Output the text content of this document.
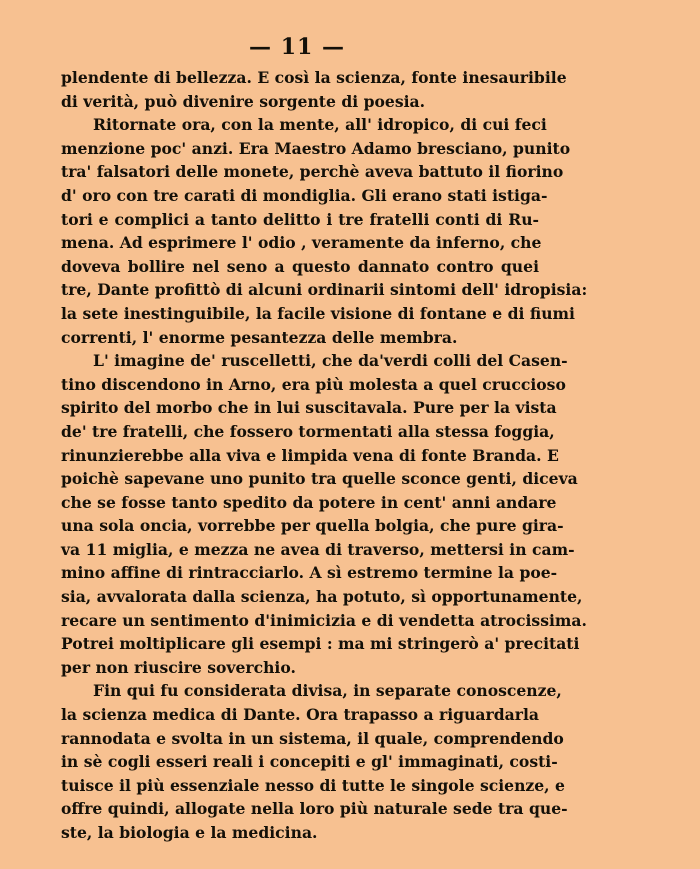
— 11 —
plendente di bellezza. E così la scienza, fonte inesauribile
di verità, può divenire sorgente di poesia.
Ritornate ora, con la mente, all' idropico, di cui feci
menzione poc' anzi. Era Maestro Adamo bresciano, punito
tra' falsatori delle monete, perchè aveva battuto il fiorino
d' oro con tre carati di mondiglia. Gli erano stati istiga-
tori e complici a tanto delitto i tre fratelli conti di Ru-
mena. Ad esprimere l' odio , veramente da inferno, che
doveva bollire nel seno a questo dannato contro quei
tre, Dante profittò di alcuni ordinarii sintomi dell' idropisia:
la sete inestinguibile, la facile visione di fontane e di fiumi
correnti, l' enorme pesantezza delle membra.
L' imagine de' ruscelletti, che da'verdi colli del Casen-
tino discendono in Arno, era più molesta a quel cruccioso
spirito del morbo che in lui suscitavala. Pure per la vista
de' tre fratelli, che fossero tormentati alla stessa foggia,
rinunzierebbe alla viva e limpida vena di fonte Branda. E
poichè sapevane uno punito tra quelle sconce genti, diceva
che se fosse tanto spedito da potere in cent' anni andare
una sola oncia, vorrebbe per quella bolgia, che pure gira-
va 11 miglia, e mezza ne avea di traverso, mettersi in cam-
mino affine di rintracciarlo. A sì estremo termine la poe-
sia, avvalorata dalla scienza, ha potuto, sì opportunamente,
recare un sentimento d'inimicizia e di vendetta atrocissima.
Potrei moltiplicare gli esempi : ma mi stringerò a' precitati
per non riuscire soverchio.
Fin qui fu considerata divisa, in separate conoscenze,
la scienza medica di Dante. Ora trapasso a riguardarla
rannodata e svolta in un sistema, il quale, comprendendo
in sè cogli esseri reali i concepiti e gl' immaginati, costi-
tuisce il più essenziale nesso di tutte le singole scienze, e
offre quindi, allogate nella loro più naturale sede tra que-
ste, la biologia e la medicina.
